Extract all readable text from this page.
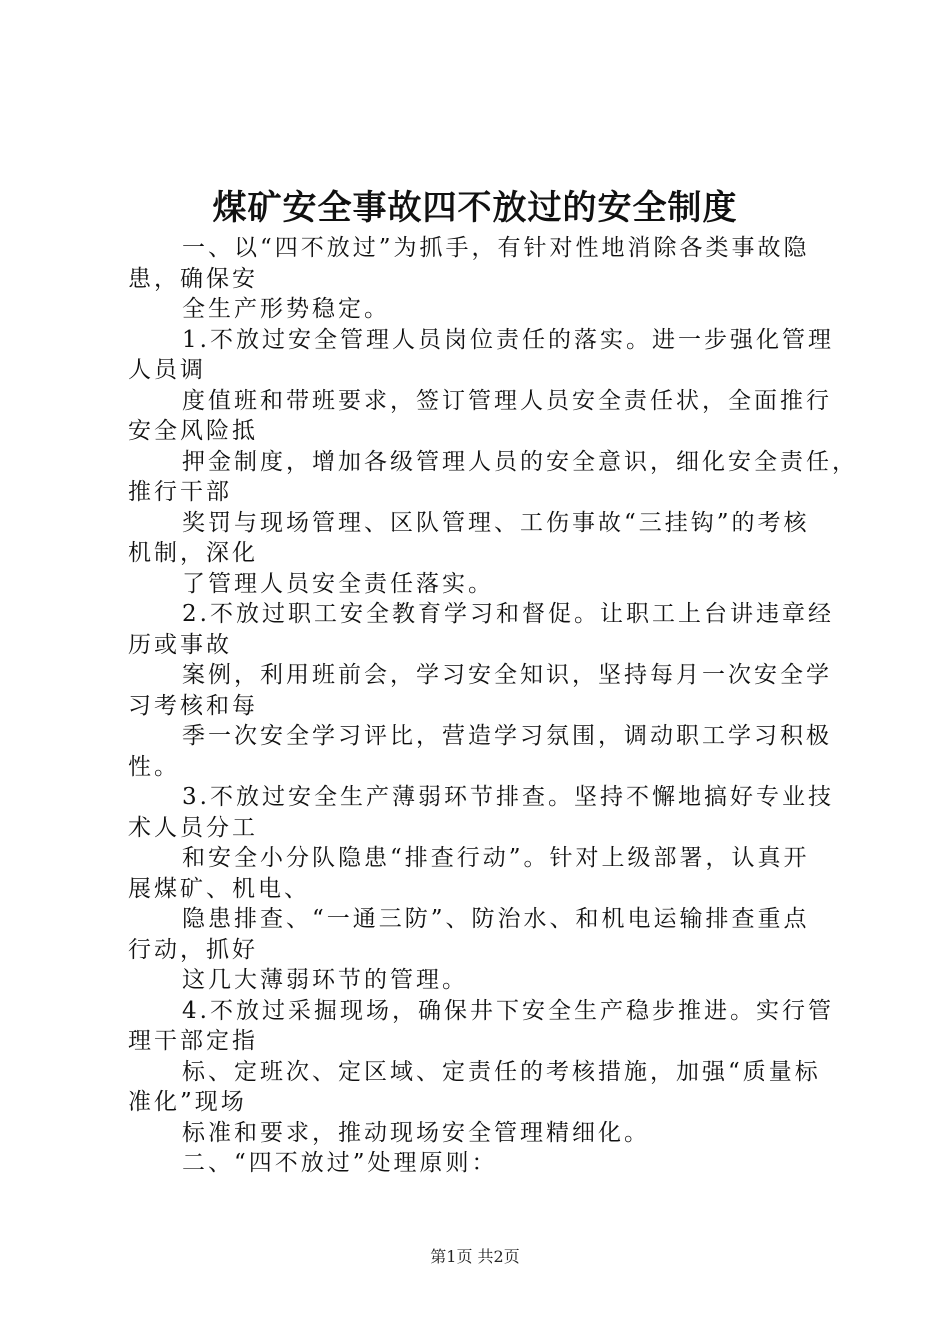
煤矿安全事故四不放过的安全制度
一、以“四不放过”为抓手，有针对性地消除各类事故隐
患，确保安
全生产形势稳定。
1.不放过安全管理人员岗位责任的落实。进一步强化管理
人员调
度值班和带班要求，签订管理人员安全责任状，全面推行
安全风险抵
押金制度，增加各级管理人员的安全意识，细化安全责任，
推行干部
奖罚与现场管理、区队管理、工伤事故“三挂钩”的考核
机制，深化
了管理人员安全责任落实。
2.不放过职工安全教育学习和督促。让职工上台讲违章经
历或事故
案例，利用班前会，学习安全知识，坚持每月一次安全学
习考核和每
季一次安全学习评比，营造学习氛围，调动职工学习积极
性。
3.不放过安全生产薄弱环节排查。坚持不懈地搞好专业技
术人员分工
和安全小分队隐患“排查行动”。针对上级部署，认真开
展煤矿、机电、
隐患排查、“一通三防”、防治水、和机电运输排查重点
行动，抓好
这几大薄弱环节的管理。
4.不放过采掘现场，确保井下安全生产稳步推进。实行管
理干部定指
标、定班次、定区域、定责任的考核措施，加强“质量标
准化”现场
标准和要求，推动现场安全管理精细化。
二、“四不放过”处理原则：
第1页 共2页
